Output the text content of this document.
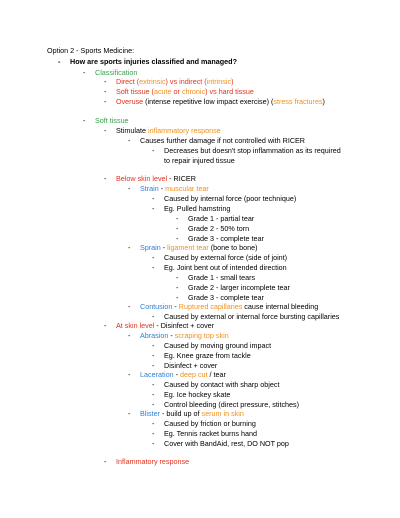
Option 2 - Sports Medicine:
- How are sports injuries classified and managed?
- Classification
- Direct (extrinsic) vs indirect (intrinsic)
- Soft tissue (acute or chronic) vs hard tissue
- Overuse (intense repetitive low impact exercise) (stress fractures)
- Soft tissue
- Stimulate inflammatory response
- Causes further damage if not controlled with RICER
- Decreases but doesn't stop inflammation as its required
to repair injured tissue
- Below skin level - RICER
- Strain - muscular tear
- Caused by internal force (poor technique)
- Eg. Pulled hamstring
- Grade 1 - partial tear
- Grade 2 - 50% torn
- Grade 3 - complete tear
- Sprain - ligament tear (bone to bone)
- Caused by external force (side of joint)
- Eg. Joint bent out of intended direction
- Grade 1 - small tears
- Grade 2 - larger incomplete tear
- Grade 3 - complete tear
- Contusion - Ruptured capillaries cause internal bleeding
- Caused by external or internal force bursting capillaries
- At skin level - Disinfect + cover
- Abrasion - scraping top skin
- Caused by moving ground impact
- Eg. Knee graze from tackle
- Disinfect + cover
- Laceration - deep cut / tear
- Caused by contact with sharp object
- Eg. Ice hockey skate
- Control bleeding (direct pressure, stitches)
- Blister - build up of serum in skin
- Caused by friction or burning
- Eg. Tennis racket burns hand
- Cover with BandAid, rest, DO NOT pop
- Inflammatory response
